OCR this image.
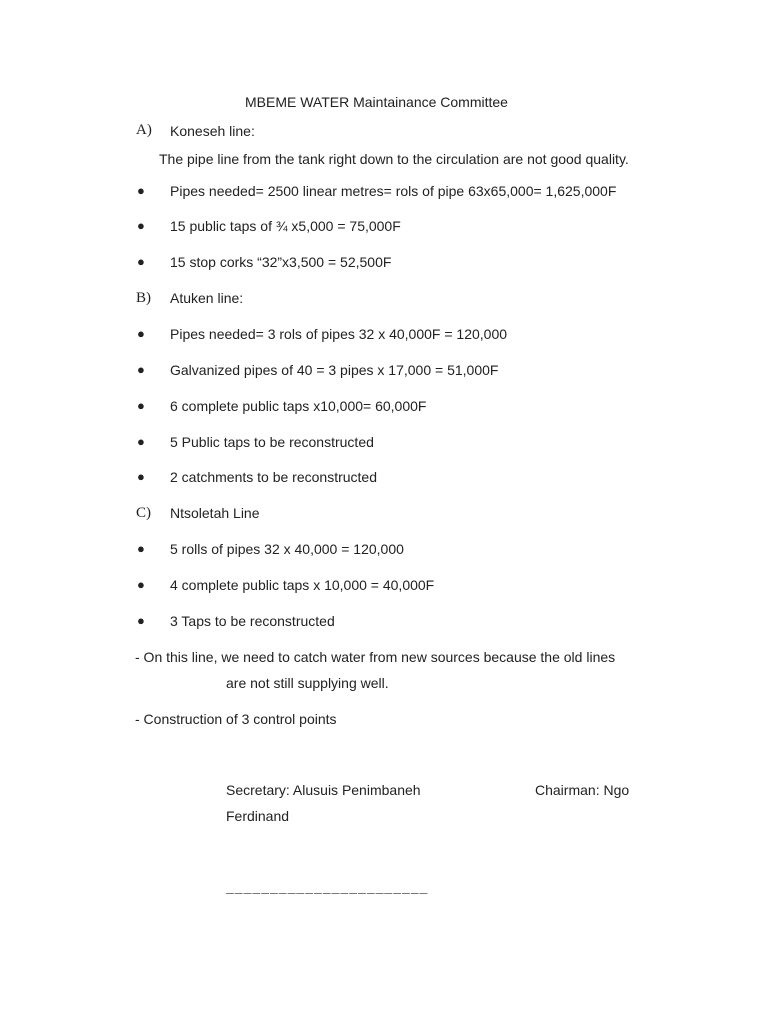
MBEME WATER Maintainance Committee
A) Koneseh line:
The pipe line from the tank right down to the circulation are not good quality.
● Pipes needed= 2500 linear metres= rols of pipe 63x65,000= 1,625,000F
● 15 public taps of ¾ x5,000 = 75,000F
● 15 stop corks “32”x3,500 = 52,500F
B) Atuken line:
● Pipes needed= 3 rols of pipes 32 x 40,000F = 120,000
● Galvanized pipes of 40 = 3 pipes x 17,000 = 51,000F
● 6 complete public taps x10,000= 60,000F
● 5 Public taps to be reconstructed
● 2 catchments to be reconstructed
C) Ntsoletah Line
● 5 rolls of pipes 32 x 40,000 = 120,000
● 4 complete public taps x 10,000 = 40,000F
● 3 Taps to be reconstructed
- On this line, we need to catch water from new sources because the old lines
are not still supplying well.
- Construction of 3 control points
Secretary: Alusuis Penimbaneh	Chairman: Ngo
Ferdinand
_______________________
